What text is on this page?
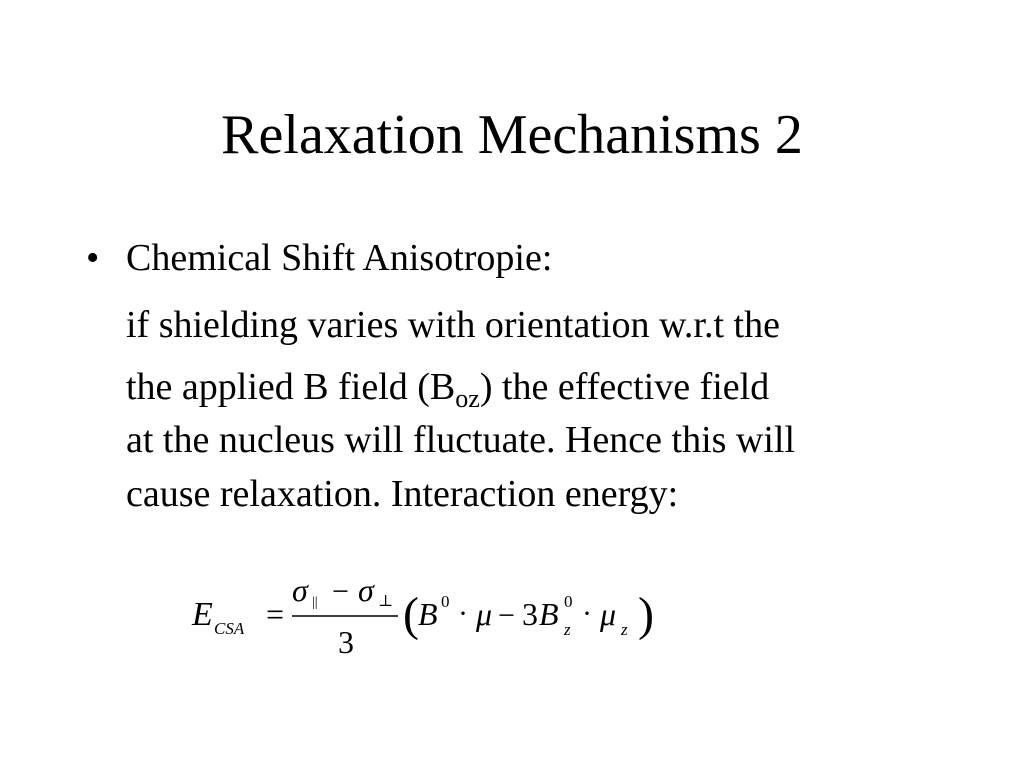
Relaxation Mechanisms 2
• Chemical Shift Anisotropie:
if shielding varies with orientation w.r.t the
the applied B field $(B_{oz})$ the effective field
at the nucleus will fluctuate. Hence this will
cause relaxation. Interaction energy:
E CSA =
σ || − σ ⊥
3
( B 0 · μ − 3 B 0
z · μ z )
